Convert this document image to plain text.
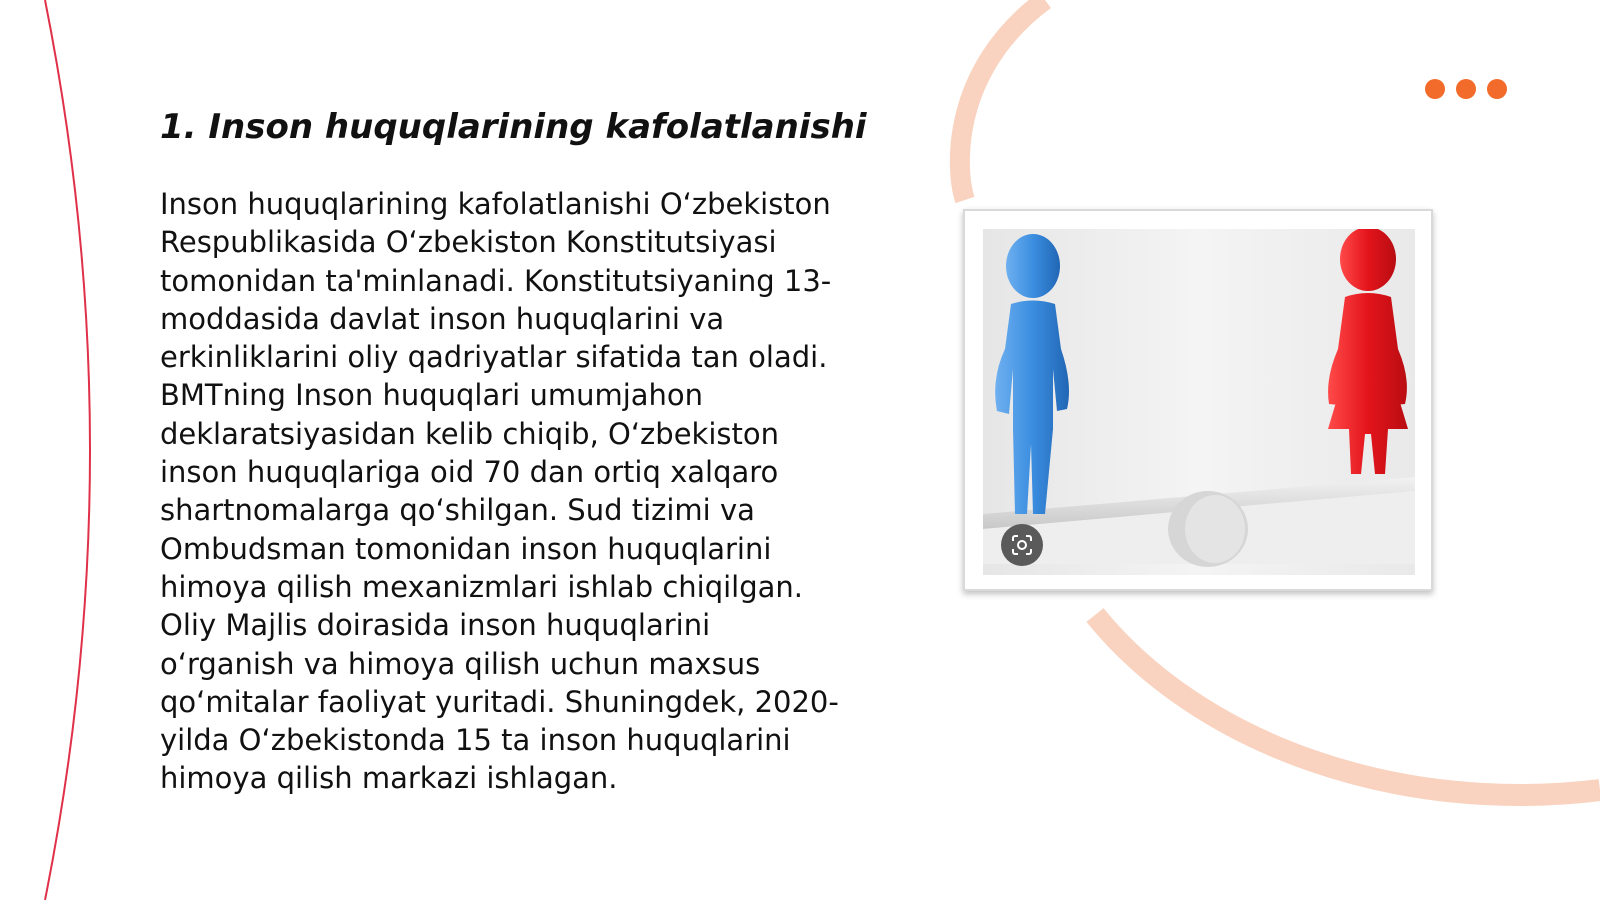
1. Inson huquqlarining kafolatlanishi

Inson huquqlarining kafolatlanishi O‘zbekiston Respublikasida O‘zbekiston Konstitutsiyasi tomonidan ta'minlanadi. Konstitutsiyaning 13-moddasida davlat inson huquqlarini va erkinliklarini oliy qadriyatlar sifatida tan oladi. BMTning Inson huquqlari umumjahon deklaratsiyasidan kelib chiqib, O‘zbekiston inson huquqlariga oid 70 dan ortiq xalqaro shartnomalarga qo‘shilgan. Sud tizimi va Ombudsman tomonidan inson huquqlarini himoya qilish mexanizmlari ishlab chiqilgan. Oliy Majlis doirasida inson huquqlarini o‘rganish va himoya qilish uchun maxsus qo‘mitalar faoliyat yuritadi. Shuningdek, 2020-yilda O‘zbekistonda 15 ta inson huquqlarini himoya qilish markazi ishlagan.
